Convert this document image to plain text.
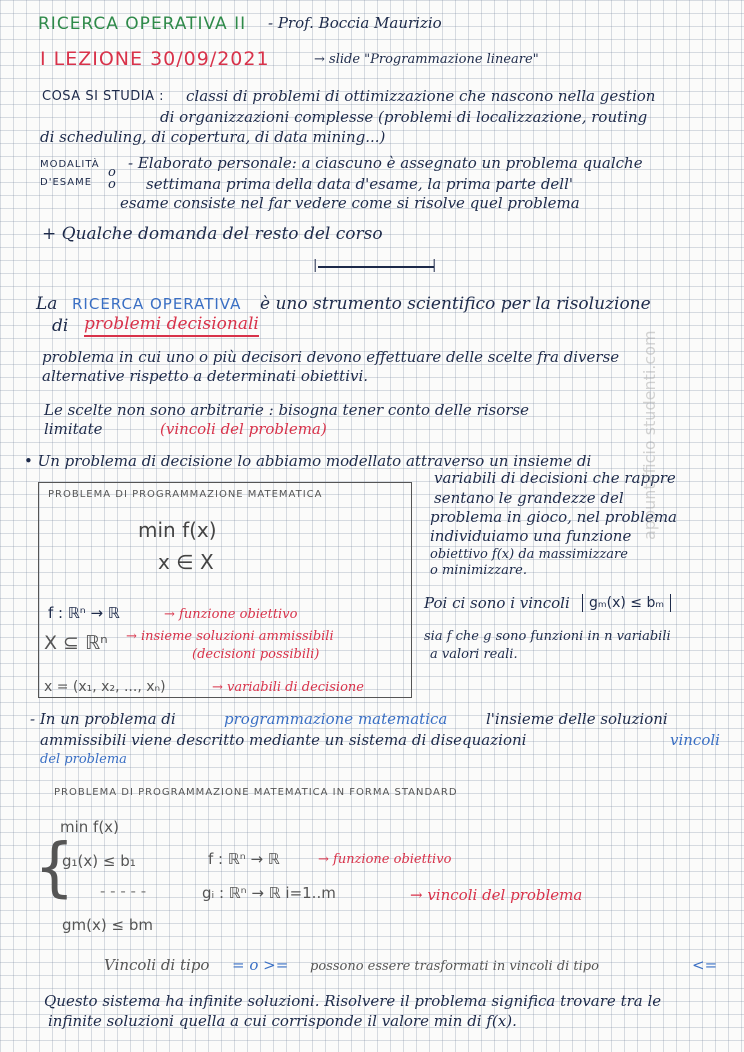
RICERCA OPERATIVA II - Prof. Boccia Maurizio
I LEZIONE 30/09/2021	→ slide "Programmazione lineare"
COSA SI STUDIA : classi di problemi di ottimizzazione che nascono nella gestion
di organizzazioni complesse (problemi di localizzazione, routing
di scheduling, di copertura, di data mining...)
MODALITÀ
D'ESAME
o
o
- Elaborato personale: a ciascuno è assegnato un problema qualche
settimana prima della data d'esame, la prima parte dell'
esame consiste nel far vedere come si risolve quel problema
+ Qualche domanda del resto del corso
|	|
La RICERCA OPERATIVA è uno strumento scientifico per la risoluzione
di problemi decisionali
problema in cui uno o più decisori devono effettuare delle scelte fra diverse
alternative rispetto a determinati obiettivi.
Le scelte non sono arbitrarie : bisogna tener conto delle risorse
limitate	(vincoli del problema)
• Un problema di decisione lo abbiamo modellato attraverso un insieme di
PROBLEMA DI PROGRAMMAZIONE MATEMATICA
min f(x)
x ∈ X
f : ℝⁿ → ℝ	→ funzione obiettivo
X ⊆ ℝⁿ → insieme soluzioni ammissibili
(decisioni possibili)
x = (x₁, x₂, ..., xₙ)	→ variabili di decisione
variabili di decisioni che rappre
sentano le grandezze del
problema in gioco, nel problema
individuiamo una funzione
obiettivo f(x) da massimizzare
o minimizzare.
Poi ci sono i vincoli	gₘ(x) ≤ bₘ
sia f che g sono funzioni in n variabili
a valori reali.
- In un problema di	programmazione matematica	l'insieme delle soluzioni
ammissibili viene descritto mediante un sistema di disequazioni	vincoli
del problema
PROBLEMA DI PROGRAMMAZIONE MATEMATICA IN FORMA STANDARD
min f(x)
{
g₁(x) ≤ b₁
- - - - -
gm(x) ≤ bm
f : ℝⁿ → ℝ	→ funzione obiettivo
gᵢ : ℝⁿ → ℝ i=1..m	→ vincoli del problema
Vincoli di tipo = o >= possono essere trasformati in vincoli di tipo	<=
Questo sistema ha infinite soluzioni. Risolvere il problema significa trovare tra le
infinite soluzioni quella a cui corrisponde il valore min di f(x).
appuntifficio studenti.com
